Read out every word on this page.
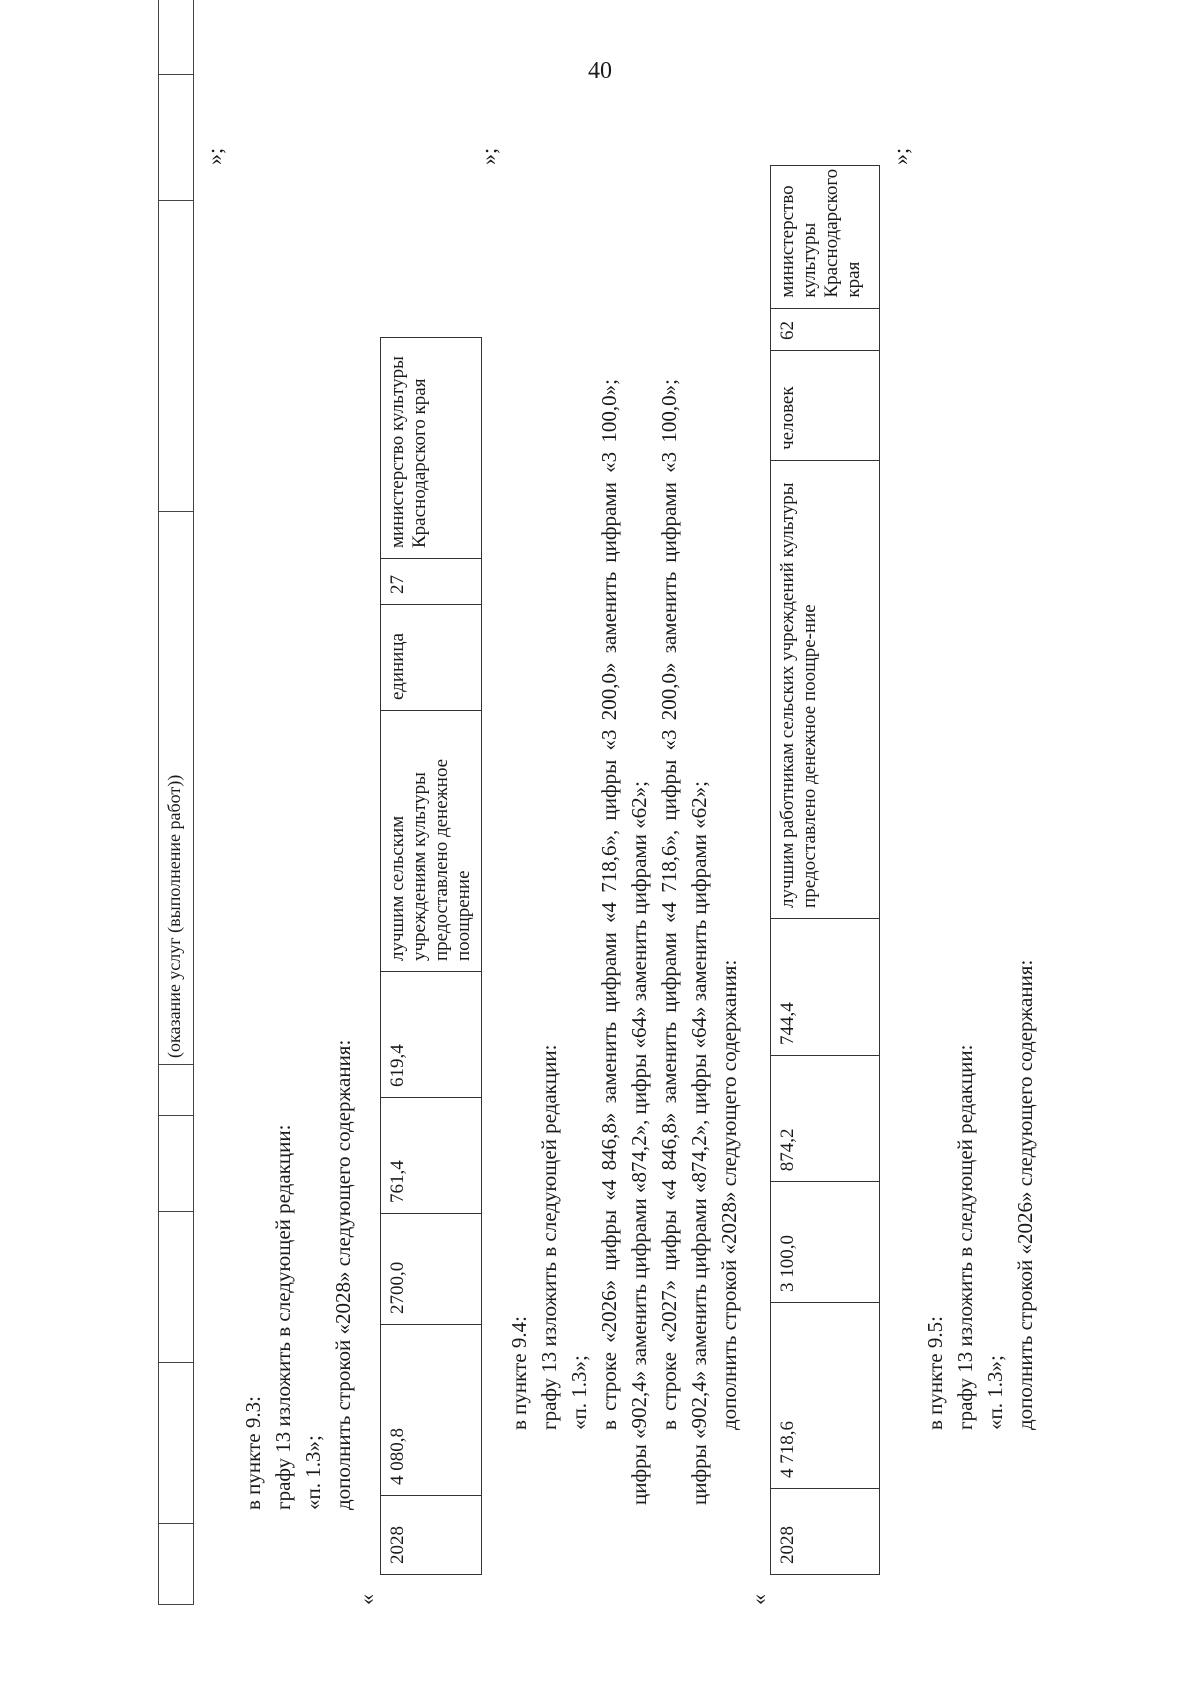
40
					(оказание услуг (выполнение работ))			
»;
в пункте 9.3: графу 13 изложить в следующей редакции: «п. 1.3»; дополнить строкой «2028» следующего содержания:
«
2028	4 080,8	2700,0	761,4	619,4	лучшим сельским учреждениям культуры предоставлено денежное поощрение	единица	27	министерство культуры Краснодарского края
»;
в пункте 9.4: графу 13 изложить в следующей редакции: «п. 1.3»; в строке «2026» цифры «4 846,8» заменить цифрами «4 718,6», цифры «3 200,0» заменить цифрами «3 100,0»; цифры «902,4» заменить цифрами «874,2», цифры «64» заменить цифрами «62»; в строке «2027» цифры «4 846,8» заменить цифрами «4 718,6», цифры «3 200,0» заменить цифрами «3 100,0»; цифры «902,4» заменить цифрами «874,2», цифры «64» заменить цифрами «62»; дополнить строкой «2028» следующего содержания:
«
2028	4 718,6	3 100,0	874,2	744,4	лучшим работникам сельских учреждений культуры предоставлено денежное поощре-ние	человек	62	министерство культуры Краснодарского края
»;
в пункте 9.5: графу 13 изложить в следующей редакции: «п. 1.3»; дополнить строкой «2026» следующего содержания:
